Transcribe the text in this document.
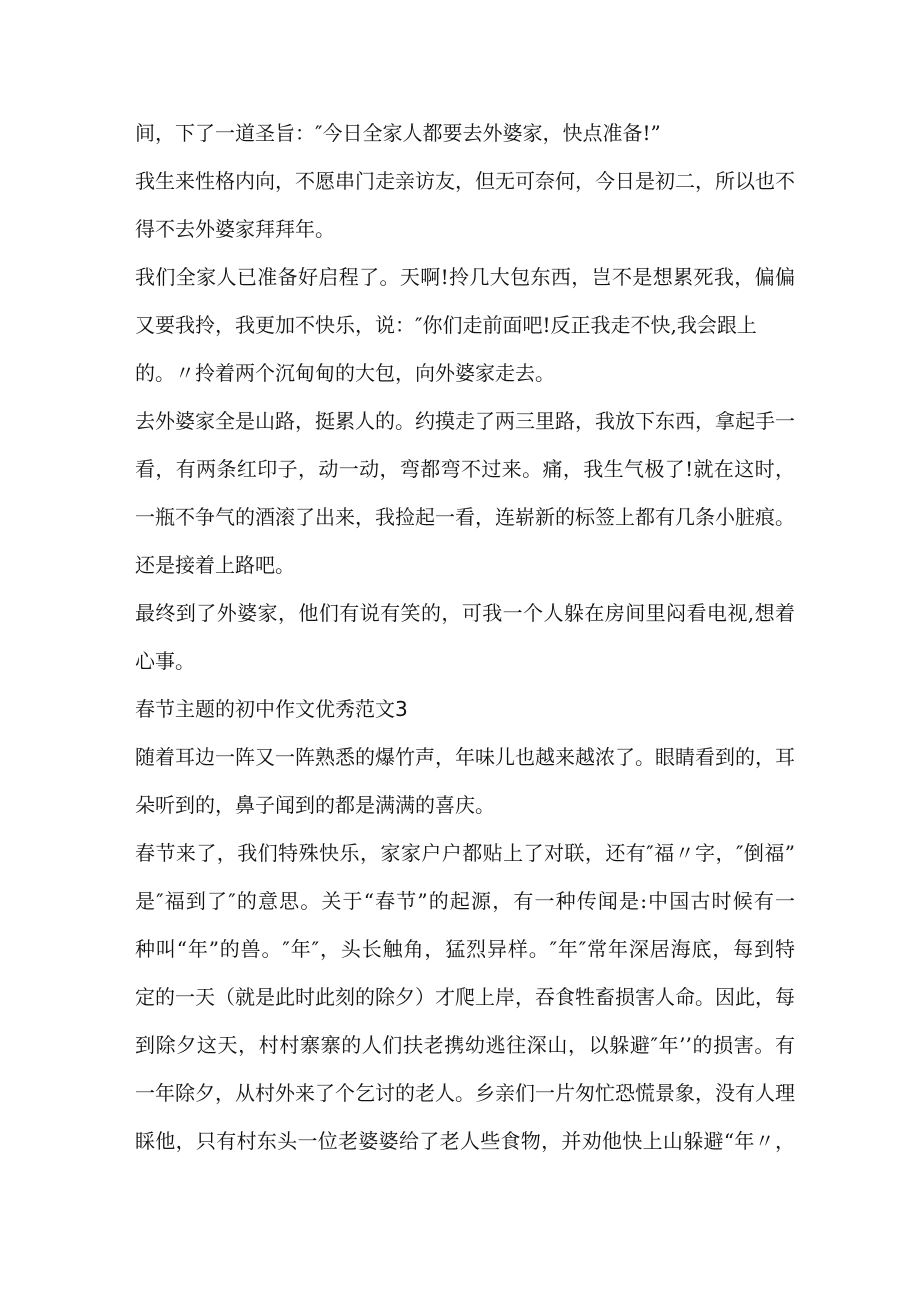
间，下了一道圣旨：″今日全家人都要去外婆家，快点准备!”
我生来性格内向，不愿串门走亲访友，但无可奈何，今日是初二，所以也不
得不去外婆家拜拜年。
我们全家人已准备好启程了。天啊!拎几大包东西，岂不是想累死我，偏偏
又要我拎，我更加不快乐，说：″你们走前面吧!反正我走不快,我会跟上
的。〃拎着两个沉甸甸的大包，向外婆家走去。
去外婆家全是山路，挺累人的。约摸走了两三里路，我放下东西，拿起手一
看，有两条红印子，动一动，弯都弯不过来。痛，我生气极了!就在这时，
一瓶不争气的酒滚了出来，我捡起一看，连崭新的标签上都有几条小脏痕。
还是接着上路吧。
最终到了外婆家，他们有说有笑的，可我一个人躲在房间里闷看电视,想着
心事。
春节主题的初中作文优秀范文3
随着耳边一阵又一阵熟悉的爆竹声，年味儿也越来越浓了。眼睛看到的，耳
朵听到的，鼻子闻到的都是满满的喜庆。
春节来了，我们特殊快乐，家家户户都贴上了对联，还有″福〃字，″倒福”
是″福到了″的意思。关于“春节”的起源，有一种传闻是:中国古时候有一
种叫“年”的兽。″年″，头长触角，猛烈异样。″年″常年深居海底，每到特
定的一天（就是此时此刻的除夕）才爬上岸，吞食牲畜损害人命。因此，每
到除夕这天，村村寨寨的人们扶老携幼逃往深山，以躲避″年’’的损害。有
一年除夕，从村外来了个乞讨的老人。乡亲们一片匆忙恐慌景象，没有人理
睬他，只有村东头一位老婆婆给了老人些食物，并劝他快上山躲避“年〃，
